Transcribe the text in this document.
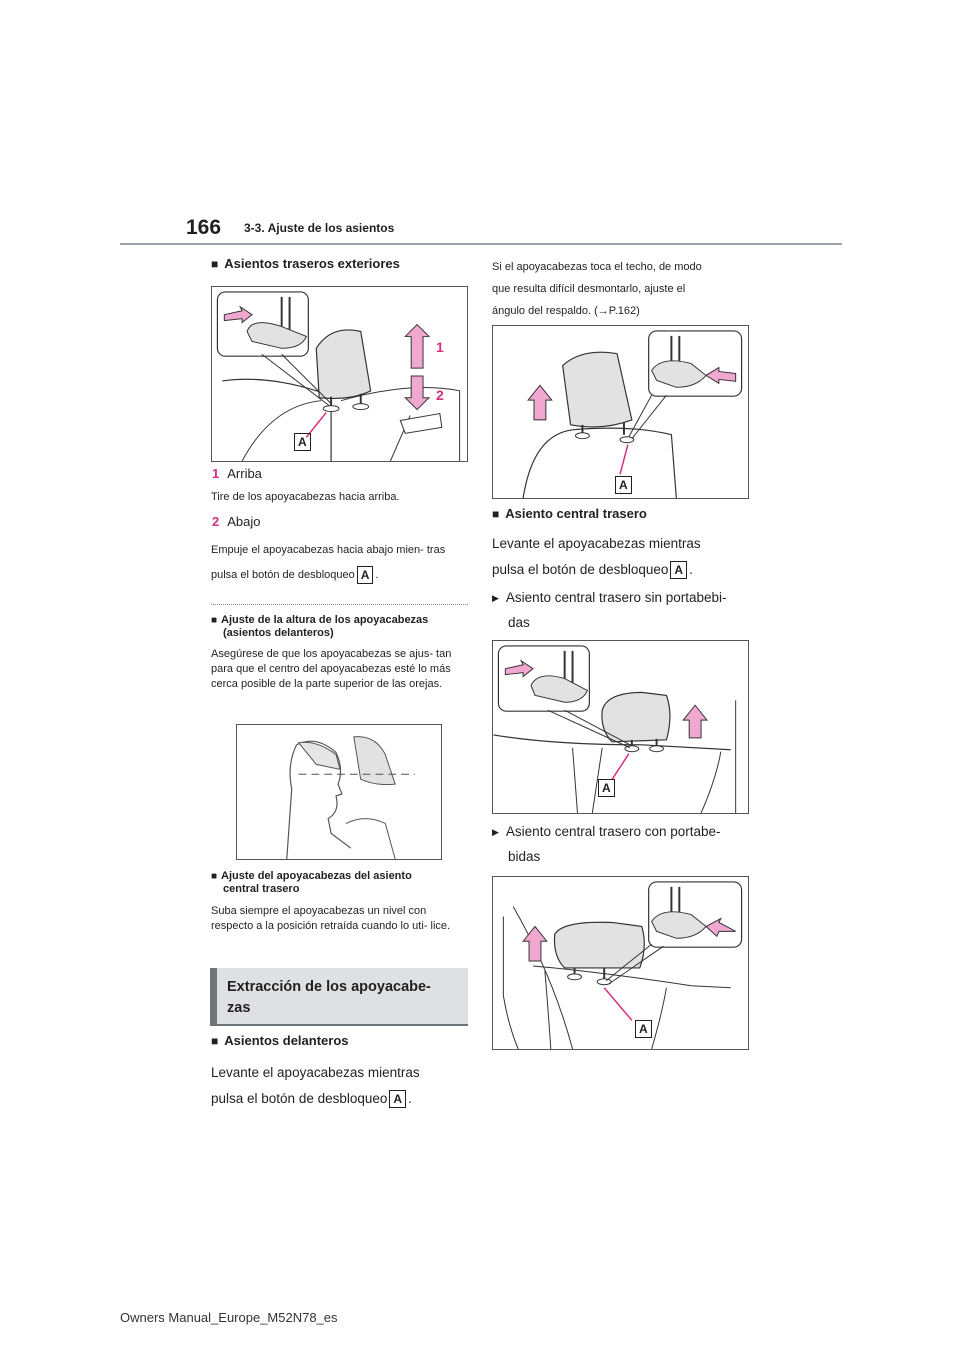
166 3-3. Ajuste de los asientos
■ Asientos traseros exteriores
1
2
A
1 Arriba
Tire de los apoyacabezas hacia arriba.
2 Abajo
Empuje el apoyacabezas hacia abajo mien- tras pulsa el botón de desbloqueo A .
■ Ajuste de la altura de los apoyacabezas
(asientos delanteros)
Asegúrese de que los apoyacabezas se ajus- tan para que el centro del apoyacabezas esté lo más cerca posible de la parte superior de las orejas.
■ Ajuste del apoyacabezas del asiento
central trasero
Suba siempre el apoyacabezas un nivel con respecto a la posición retraída cuando lo uti- lice.
Extracción de los apoyacabe-
zas
■ Asientos delanteros
Levante el apoyacabezas mientras
pulsa el botón de desbloqueo A .
Si el apoyacabezas toca el techo, de modo
que resulta difícil desmontarlo, ajuste el
ángulo del respaldo. (→P.162)
A
■ Asiento central trasero
Levante el apoyacabezas mientras
pulsa el botón de desbloqueo A .
▶ Asiento central trasero sin portabebi-
das
A
▶ Asiento central trasero con portabe-
bidas
A
Owners Manual_Europe_M52N78_es
